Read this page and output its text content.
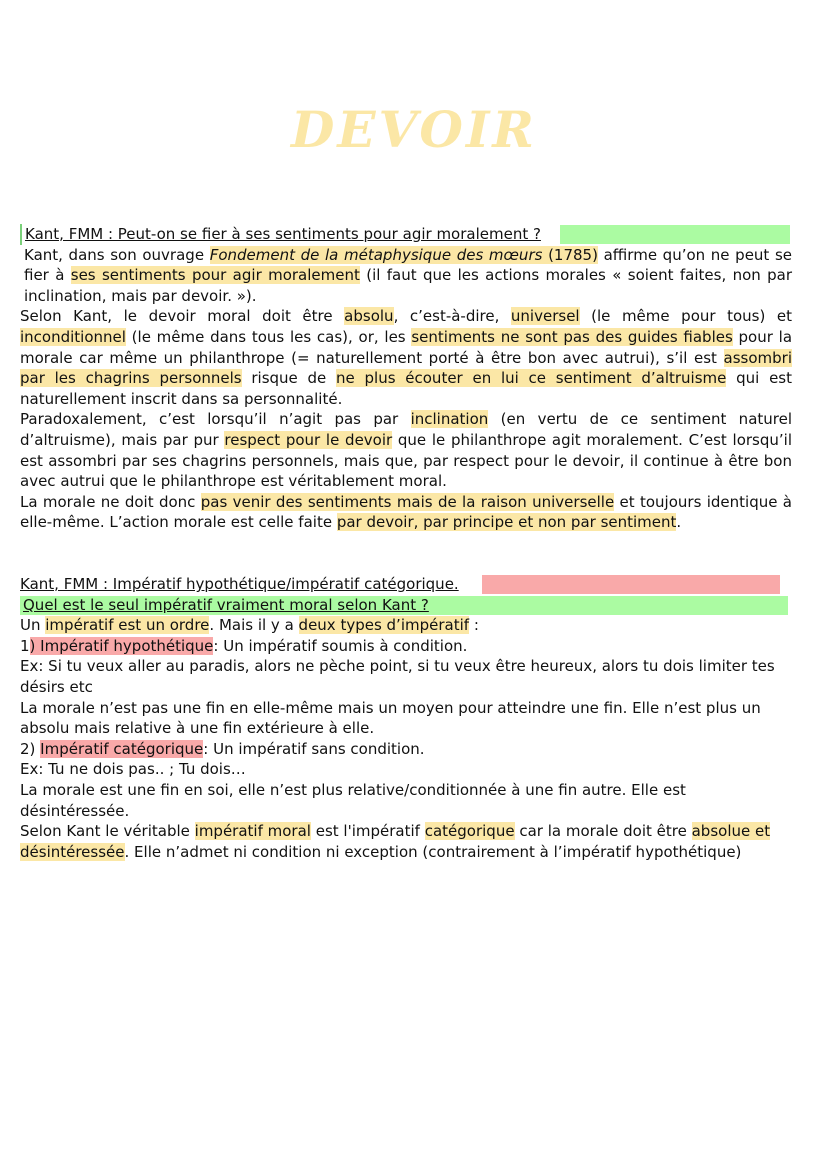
DEVOIR
Kant, FMM : Peut-on se fier à ses sentiments pour agir moralement ?

Kant, dans son ouvrage Fondement de la métaphysique des mœurs (1785) affirme qu’on ne peut se fier à ses sentiments pour agir moralement (il faut que les actions morales « soient faites, non par inclination, mais par devoir. »).

Selon Kant, le devoir moral doit être absolu, c’est-à-dire, universel (le même pour tous) et inconditionnel (le même dans tous les cas), or, les sentiments ne sont pas des guides fiables pour la morale car même un philanthrope (= naturellement porté à être bon avec autrui), s’il est assombri par les chagrins personnels risque de ne plus écouter en lui ce sentiment d’altruisme qui est naturellement inscrit dans sa personnalité.

Paradoxalement, c’est lorsqu’il n’agit pas par inclination (en vertu de ce sentiment naturel d’altruisme), mais par pur respect pour le devoir que le philanthrope agit moralement. C’est lorsqu’il est assombri par ses chagrins personnels, mais que, par respect pour le devoir, il continue à être bon avec autrui que le philanthrope est véritablement moral.

La morale ne doit donc pas venir des sentiments mais de la raison universelle et toujours identique à elle-même. L’action morale est celle faite par devoir, par principe et non par sentiment.

Kant, FMM : Impératif hypothétique/impératif catégorique.
Quel est le seul impératif vraiment moral selon Kant ?

Un impératif est un ordre. Mais il y a deux types d’impératif :

1) Impératif hypothétique: Un impératif soumis à condition.

Ex: Si tu veux aller au paradis, alors ne pèche point, si tu veux être heureux, alors tu dois limiter tes désirs etc

La morale n’est pas une fin en elle-même mais un moyen pour atteindre une fin. Elle n’est plus un absolu mais relative à une fin extérieure à elle.

2) Impératif catégorique: Un impératif sans condition.

Ex: Tu ne dois pas.. ; Tu dois…

La morale est une fin en soi, elle n’est plus relative/conditionnée à une fin autre. Elle est désintéressée.

Selon Kant le véritable impératif moral est l'impératif catégorique car la morale doit être absolue et désintéressée. Elle n’admet ni condition ni exception (contrairement à l’impératif hypothétique)
